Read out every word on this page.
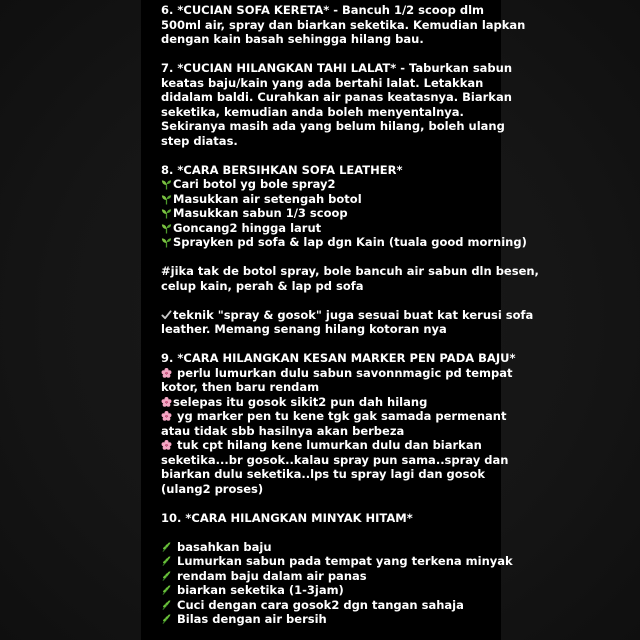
6. *CUCIAN SOFA KERETA* - Bancuh 1/2 scoop dlm
500ml air, spray dan biarkan seketika. Kemudian lapkan
dengan kain basah sehingga hilang bau.
7. *CUCIAN HILANGKAN TAHI LALAT* - Taburkan sabun
keatas baju/kain yang ada bertahi lalat. Letakkan
didalam baldi. Curahkan air panas keatasnya. Biarkan
seketika, kemudian anda boleh menyentalnya.
Sekiranya masih ada yang belum hilang, boleh ulang
step diatas.
8. *CARA BERSIHKAN SOFA LEATHER*
Cari botol yg bole spray2
Masukkan air setengah botol
Masukkan sabun 1/3 scoop
Goncang2 hingga larut
Sprayken pd sofa & lap dgn Kain (tuala good morning)
#jika tak de botol spray, bole bancuh air sabun dln besen,
celup kain, perah & lap pd sofa
teknik "spray & gosok" juga sesuai buat kat kerusi sofa
leather. Memang senang hilang kotoran nya
9. *CARA HILANGKAN KESAN MARKER PEN PADA BAJU*
perlu lumurkan dulu sabun savonnmagic pd tempat
kotor, then baru rendam
selepas itu gosok sikit2 pun dah hilang
yg marker pen tu kene tgk gak samada permenant
atau tidak sbb hasilnya akan berbeza
tuk cpt hilang kene lumurkan dulu dan biarkan
seketika...br gosok..kalau spray pun sama..spray dan
biarkan dulu seketika..lps tu spray lagi dan gosok
(ulang2 proses)
10. *CARA HILANGKAN MINYAK HITAM*
basahkan baju
Lumurkan sabun pada tempat yang terkena minyak
rendam baju dalam air panas
biarkan seketika (1-3jam)
Cuci dengan cara gosok2 dgn tangan sahaja
Bilas dengan air bersih
